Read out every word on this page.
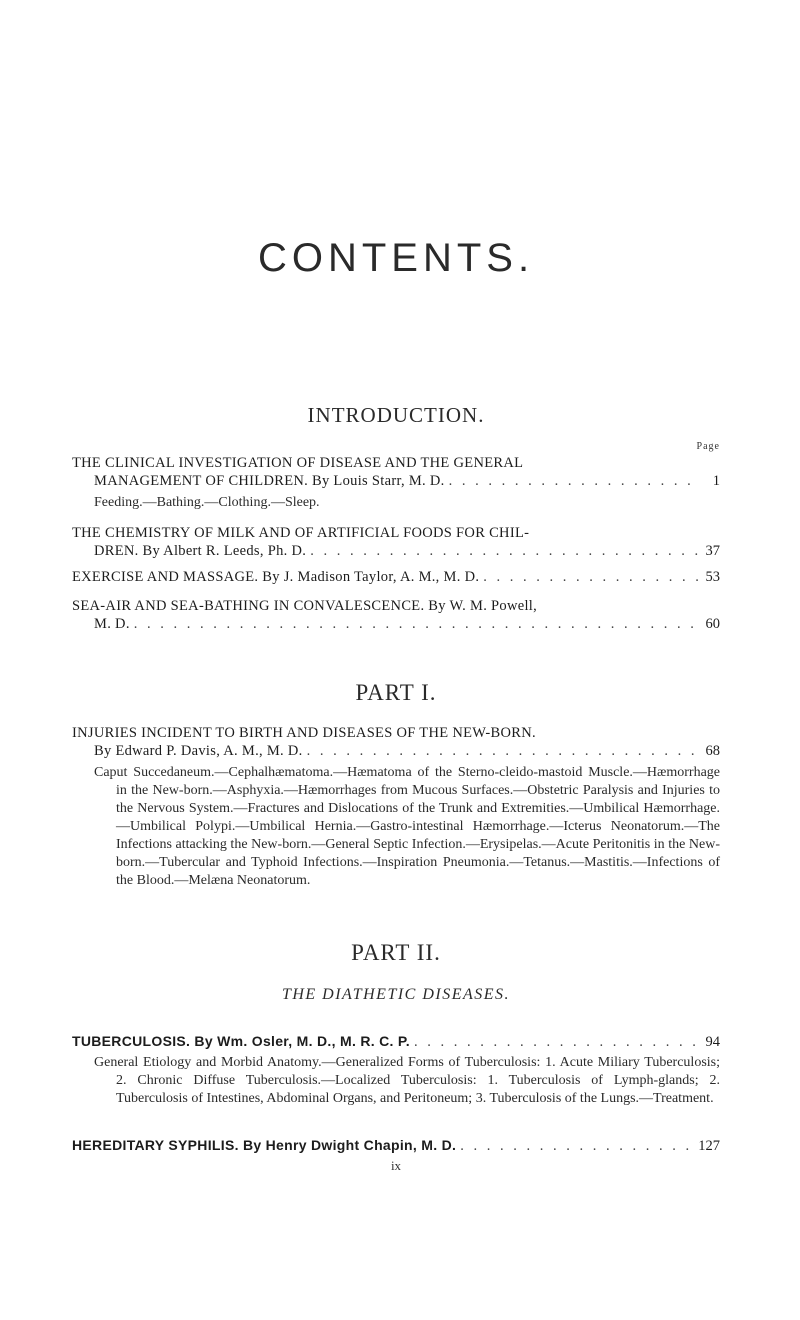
CONTENTS.
INTRODUCTION.
Page
THE CLINICAL INVESTIGATION OF DISEASE AND THE GENERAL
MANAGEMENT OF CHILDREN. By Louis Starr, M. D. . . .	1
Feeding.—Bathing.—Clothing.—Sleep.
THE CHEMISTRY OF MILK AND OF ARTIFICIAL FOODS FOR CHIL-
DREN. By Albert R. Leeds, Ph. D. . . .	37
EXERCISE AND MASSAGE. By J. Madison Taylor, A. M., M. D. . . .	53
SEA-AIR AND SEA-BATHING IN CONVALESCENCE. By W. M. Powell,
M. D. . . .	60
PART I.
INJURIES INCIDENT TO BIRTH AND DISEASES OF THE NEW-BORN.
By Edward P. Davis, A. M., M. D. . . .	68

Caput Succedaneum.—Cephalhæmatoma.—Hæmatoma of the Sterno-cleido-mastoid Muscle.—Hæmorrhage in the New-born.—Asphyxia.—Hæmorrhages from Mucous Surfaces.—Obstetric Paralysis and Injuries to the Nervous System.—Fractures and Dislocations of the Trunk and Extremities.—Umbilical Hæmorrhage.—Umbilical Polypi.—Umbilical Hernia.—Gastro-intestinal Hæmorrhage.—Icterus Neonatorum.—The Infections attacking the New-born.—General Septic Infection.—Erysipelas.—Acute Peritonitis in the New-born.—Tubercular and Typhoid Infections.—Inspiration Pneumonia.—Tetanus.—Mastitis.—Infections of the Blood.—Melæna Neonatorum.

PART II.
THE DIATHETIC DISEASES.
TUBERCULOSIS. By Wm. Osler, M. D., M. R. C. P. . . .	94

General Etiology and Morbid Anatomy.—Generalized Forms of Tuberculosis: 1. Acute Miliary Tuberculosis; 2. Chronic Diffuse Tuberculosis.—Localized Tuberculosis: 1. Tuberculosis of Lymph-glands; 2. Tuberculosis of Intestines, Abdominal Organs, and Peritoneum; 3. Tuberculosis of the Lungs.—Treatment.

HEREDITARY SYPHILIS. By Henry Dwight Chapin, M. D. . . .	127
ix
